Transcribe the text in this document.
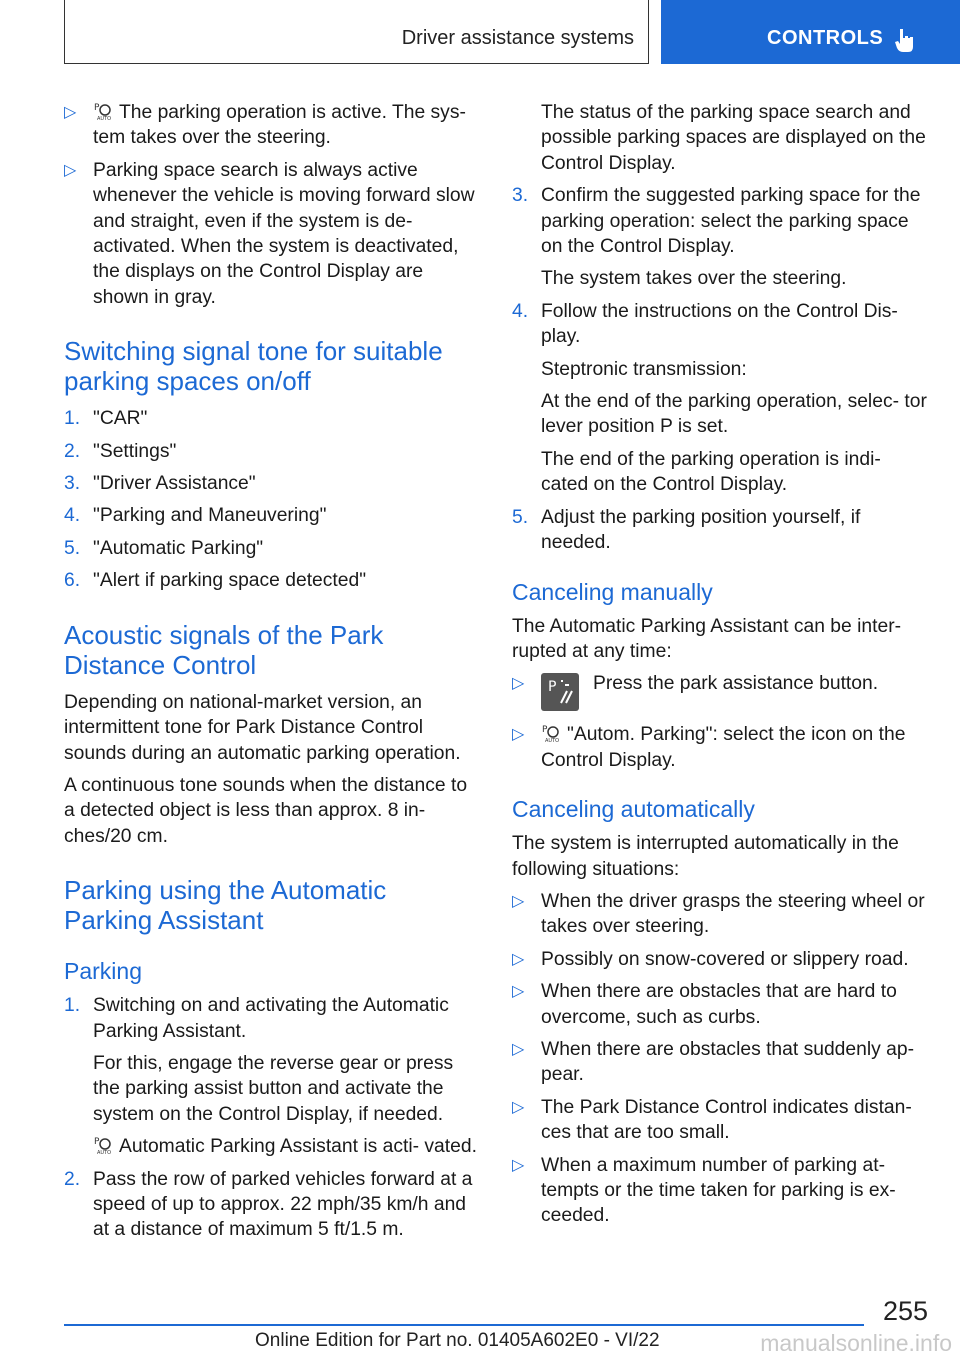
Driver assistance systems	CONTROLS
▷ P
AUTO The parking operation is active. The sys‐ tem takes over the steering.
▷ Parking space search is always active whenever the vehicle is moving forward slow and straight, even if the system is de‐ activated. When the system is deactivated, the displays on the Control Display are shown in gray.
Switching signal tone for suitable parking spaces on/off
1. "CAR"
2. "Settings"
3. "Driver Assistance"
4. "Parking and Maneuvering"
5. "Automatic Parking"
6. "Alert if parking space detected"
Acoustic signals of the Park Distance Control

Depending on national-market version, an intermittent tone for Park Distance Control sounds during an automatic parking operation.

A continuous tone sounds when the distance to a detected object is less than approx. 8 in‐ ches/20 cm.

Parking using the Automatic Parking Assistant
Parking
1. Switching on and activating the Automatic Parking Assistant.

For this, engage the reverse gear or press the parking assist button and activate the system on the Control Display, if needed.

P
AUTO Automatic Parking Assistant is acti‐ vated.

2. Pass the row of parked vehicles forward at a speed of up to approx. 22 mph/35 km/h and at a distance of maximum 5 ft/1.5 m.

The status of the parking space search and possible parking spaces are displayed on the Control Display.

3. Confirm the suggested parking space for the parking operation: select the parking space on the Control Display.

The system takes over the steering.

4. Follow the instructions on the Control Dis‐ play.

Steptronic transmission:

At the end of the parking operation, selec‐ tor lever position P is set.

The end of the parking operation is indi‐ cated on the Control Display.

5. Adjust the parking position yourself, if needed.
Canceling manually

The Automatic Parking Assistant can be inter‐ rupted at any time:

▷ P Press the park assistance button.
▷ P
AUTO "Autom. Parking": select the icon on the Control Display.
Canceling automatically

The system is interrupted automatically in the following situations:

▷ When the driver grasps the steering wheel or takes over steering.
▷ Possibly on snow-covered or slippery road.
▷ When there are obstacles that are hard to overcome, such as curbs.
▷ When there are obstacles that suddenly ap‐ pear.
▷ The Park Distance Control indicates distan‐ ces that are too small.
▷ When a maximum number of parking at‐ tempts or the time taken for parking is ex‐ ceeded.
255
Online Edition for Part no. 01405A602E0 - VI/22	manualsonline.info
